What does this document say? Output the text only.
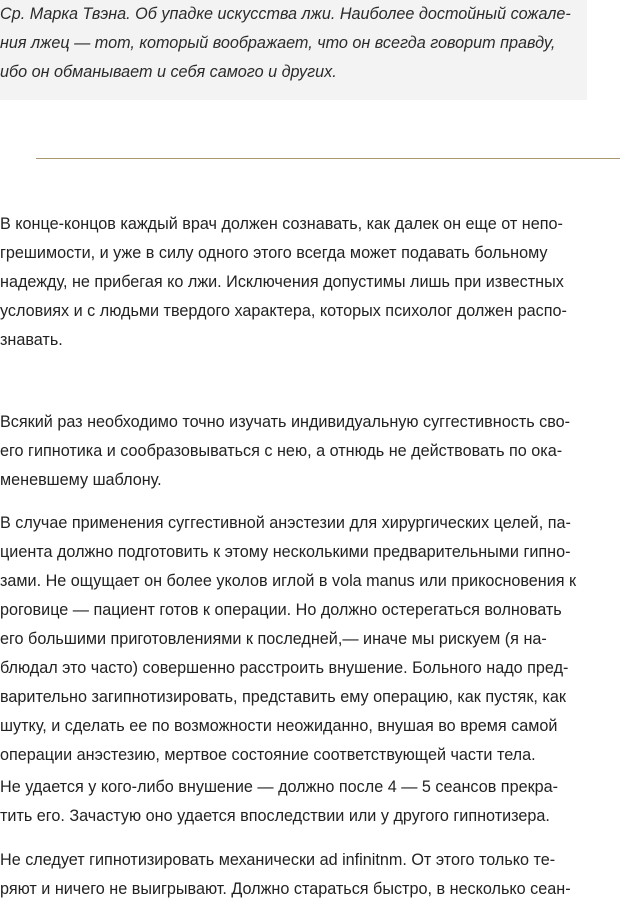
Ср. Марка Твэна. Об упадке искусства лжи. Наиболее достойный сожале-
ния лжец — тот, который воображает, что он всегда говорит правду,
ибо он обманывает и себя самого и других.

В конце-концов каждый врач должен сознавать, как далек он еще от непо-
грешимости, и уже в силу одного этого всегда может подавать больному
надежду, не прибегая ко лжи. Исключения допустимы лишь при известных
условиях и с людьми твердого характера, которых психолог должен распо-
знавать.

Всякий раз необходимо точно изучать индивидуальную суггестивность сво-
его гипнотика и сообразовываться с нею, а отнюдь не действовать по ока-
меневшему шаблону.

В случае применения суггестивной анэстезии для хирургических целей, па-
циента должно подготовить к этому несколькими предварительными гипно-
зами. Не ощущает он более уколов иглой в vola manus или прикосновения к
роговице — пациент готов к операции. Но должно остерегаться волновать
его большими приготовлениями к последней,— иначе мы рискуем (я на-
блюдал это часто) совершенно расстроить внушение. Больного надо пред-
варительно загипнотизировать, представить ему операцию, как пустяк, как
шутку, и сделать ее по возможности неожиданно, внушая во время самой
операции анэстезию, мертвое состояние соответствующей части тела.

Не удается у кого-либо внушение — должно после 4 — 5 сеансов прекра-
тить его. Зачастую оно удается впоследствии или у другого гипнотизера.

Не следует гипнотизировать механически ad infinitnm. От этого только те-
ряют и ничего не выигрывают. Должно стараться быстро, в несколько сеан-
